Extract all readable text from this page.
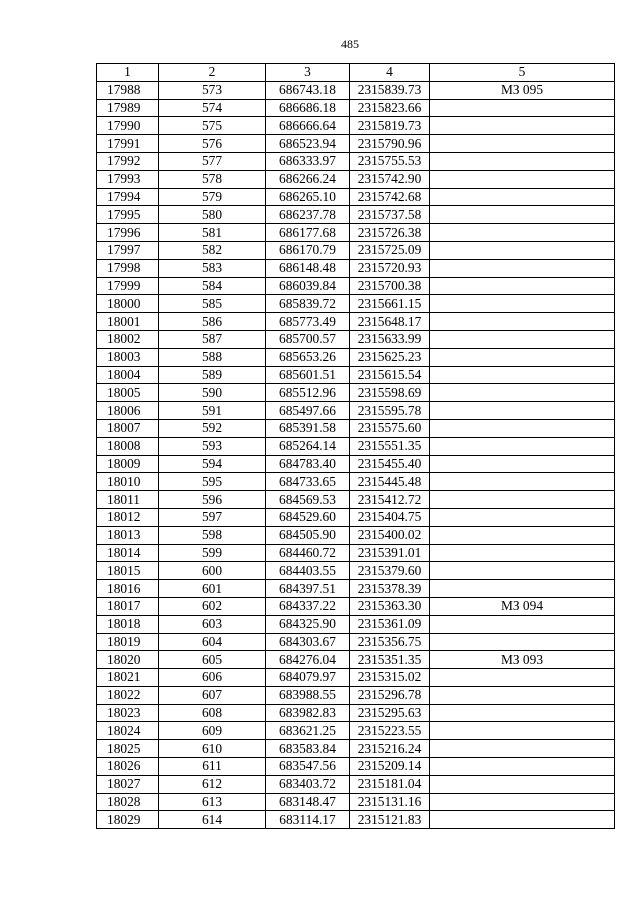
485
1	2	3	4	5
17988	573	686743.18	2315839.73	МЗ 095
17989	574	686686.18	2315823.66	
17990	575	686666.64	2315819.73	
17991	576	686523.94	2315790.96	
17992	577	686333.97	2315755.53	
17993	578	686266.24	2315742.90	
17994	579	686265.10	2315742.68	
17995	580	686237.78	2315737.58	
17996	581	686177.68	2315726.38	
17997	582	686170.79	2315725.09	
17998	583	686148.48	2315720.93	
17999	584	686039.84	2315700.38	
18000	585	685839.72	2315661.15	
18001	586	685773.49	2315648.17	
18002	587	685700.57	2315633.99	
18003	588	685653.26	2315625.23	
18004	589	685601.51	2315615.54	
18005	590	685512.96	2315598.69	
18006	591	685497.66	2315595.78	
18007	592	685391.58	2315575.60	
18008	593	685264.14	2315551.35	
18009	594	684783.40	2315455.40	
18010	595	684733.65	2315445.48	
18011	596	684569.53	2315412.72	
18012	597	684529.60	2315404.75	
18013	598	684505.90	2315400.02	
18014	599	684460.72	2315391.01	
18015	600	684403.55	2315379.60	
18016	601	684397.51	2315378.39	
18017	602	684337.22	2315363.30	МЗ 094
18018	603	684325.90	2315361.09	
18019	604	684303.67	2315356.75	
18020	605	684276.04	2315351.35	МЗ 093
18021	606	684079.97	2315315.02	
18022	607	683988.55	2315296.78	
18023	608	683982.83	2315295.63	
18024	609	683621.25	2315223.55	
18025	610	683583.84	2315216.24	
18026	611	683547.56	2315209.14	
18027	612	683403.72	2315181.04	
18028	613	683148.47	2315131.16	
18029	614	683114.17	2315121.83	
